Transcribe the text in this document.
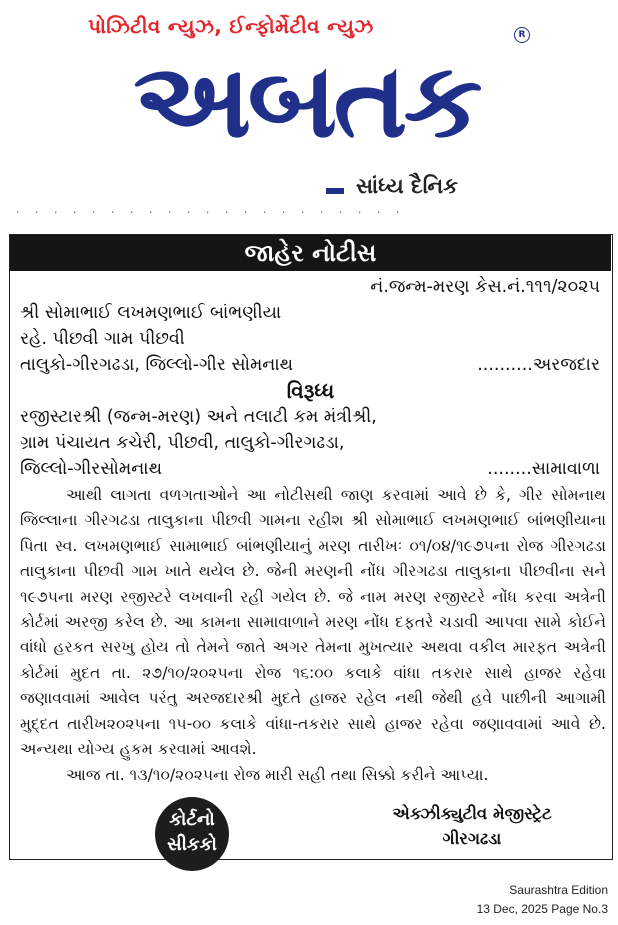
પોઝિટીવ ન્યુઝ, ઈન્ફોર્મેટીવ ન્યુઝ	R
અબતક
સાંધ્ય દૈનિક
· · · · · · · · · · · · · · · · · · · · ·
જાહેર નોટીસ
નં.જન્મ-મરણ કેસ.નં.૧૧૧/૨૦૨૫
શ્રી સોમાભાઈ લખમણભાઈ બાંભણીયા
રહે. પીછવી ગામ પીછવી
તાલુકો-ગીરગઢડા, જિલ્લો-ગીર સોમનાથ	..........અરજદાર
વિરૂધ્ધ
રજીસ્ટારશ્રી (જન્મ-મરણ) અને તલાટી કમ મંત્રીશ્રી,
ગ્રામ પંચાયત કચેરી, પીછવી, તાલુકો-ગીરગઢડા,
જિલ્લો-ગીરસોમનાથ	........સામાવાળા
આથી લાગતા વળગતાઓને આ નોટીસથી જાણ કરવામાં આવે છે કે, ગીર સોમનાથ જિલ્લાના ગીરગઢડા તાલુકાના પીછવી ગામના રહીશ શ્રી સોમાભાઈ લખમણભાઈ બાંભણીયાના પિતા સ્વ. લખમણભાઈ સામાભાઈ બાંભણીયાનું મરણ તારીખઃ ૦૧/૦૪/૧૯૭૫ના રોજ ગીરગઢડા તાલુકાના પીછવી ગામ ખાતે થયેલ છે. જેની મરણની નોંધ ગીરગઢડા તાલુકાના પીછવીના સને ૧૯૭૫ના મરણ રજીસ્ટરે લખવાની રહી ગયેલ છે. જે નામ મરણ રજીસ્ટરે નોંધ કરવા અત્રેની કોર્ટમાં અરજી કરેલ છે. આ કામના સામાવાળાને મરણ નોંધ દફતરે ચડાવી આપવા સામે કોઈને વાંધો હરકત સરખુ હોય તો તેમને જાતે અગર તેમના મુખત્યાર અથવા વકીલ મારફત અત્રેની કોર્ટમાં મુદત તા. ૨૭/૧૦/૨૦૨૫ના રોજ ૧૬:૦૦ કલાકે વાંધા તકરાર સાથે હાજર રહેવા જણાવવામાં આવેલ પરંતુ અરજદારશ્રી મુદતે હાજર રહેલ નથી જેથી હવે પાછીની આગામી મુદ્દત તારીખ૨૦૨૫ના ૧૫-૦૦ કલાકે વાંધા-તકરાર સાથે હાજર રહેવા જણાવવામાં આવે છે. અન્યથા યોગ્ય હુકમ કરવામાં આવશે.
આજ તા. ૧૩/૧૦/૨૦૨૫ના રોજ મારી સહી તથા સિક્કો કરીને આપ્યા.
કોર્ટનો
સીકકો
એક્ઝીક્યુટીવ મેજીસ્ટ્રેટ
ગીરગઢડા
Saurashtra Edition
13 Dec, 2025 Page No.3
